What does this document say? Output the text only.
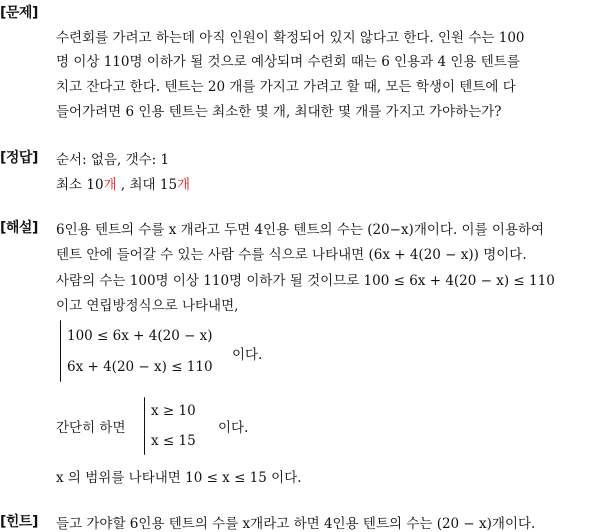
[문제]
수련회를 가려고 하는데 아직 인원이 확정되어 있지 않다고 한다. 인원 수는 100
명 이상 110명 이하가 될 것으로 예상되며 수련회 때는 6 인용과 4 인용 텐트를
치고 잔다고 한다. 텐트는 20 개를 가지고 가려고 할 때, 모든 학생이 텐트에 다
들어가려면 6 인용 텐트는 최소한 몇 개, 최대한 몇 개를 가지고 가야하는가?
[정답] 순서: 없음, 갯수: 1
최소 10개 , 최대 15개
[해설] 6인용 텐트의 수를 x 개라고 두면 4인용 텐트의 수는 (20−x)개이다. 이를 이용하여
텐트 안에 들어갈 수 있는 사람 수를 식으로 나타내면 (6x + 4(20 − x)) 명이다.
사람의 수는 100명 이상 110명 이하가 될 것이므로 100 ≤ 6x + 4(20 − x) ≤ 110
이고 연립방정식으로 나타내면,
100 ≤ 6x + 4(20 − x)
6x + 4(20 − x) ≤ 110
이다.
간단히 하면
x ≥ 10
x ≤ 15
이다.
x 의 범위를 나타내면 10 ≤ x ≤ 15 이다.
[힌트] 들고 가야할 6인용 텐트의 수를 x개라고 하면 4인용 텐트의 수는 (20 − x)개이다.
